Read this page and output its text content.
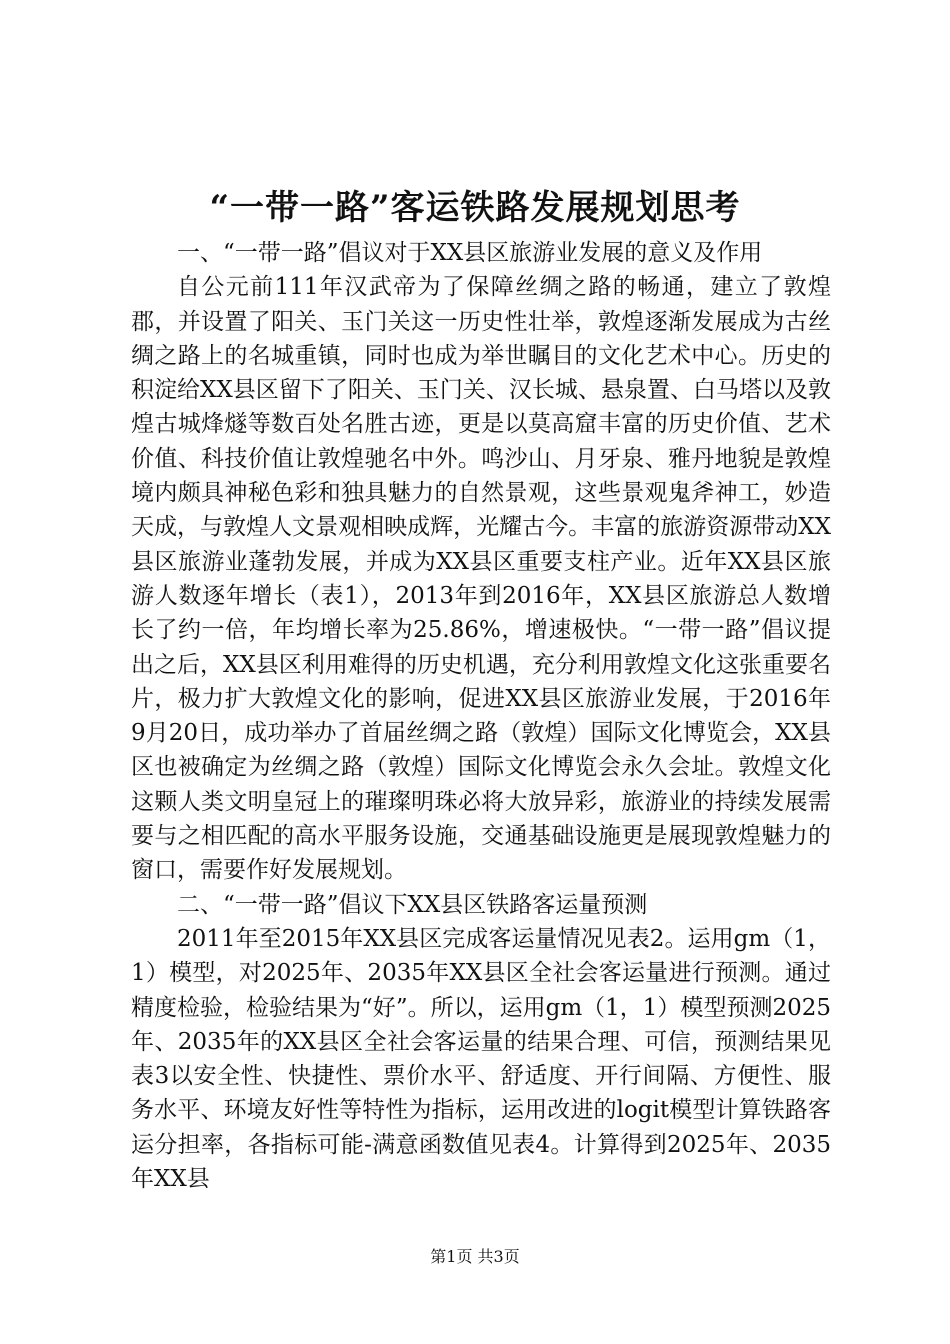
“一带一路”客运铁路发展规划思考

一、“一带一路”倡议对于XX县区旅游业发展的意义及作用

自公元前111年汉武帝为了保障丝绸之路的畅通，建立了敦煌郡，并设置了阳关、玉门关这一历史性壮举，敦煌逐渐发展成为古丝绸之路上的名城重镇，同时也成为举世瞩目的文化艺术中心。历史的积淀给XX县区留下了阳关、玉门关、汉长城、悬泉置、白马塔以及敦煌古城烽燧等数百处名胜古迹，更是以莫高窟丰富的历史价值、艺术价值、科技价值让敦煌驰名中外。鸣沙山、月牙泉、雅丹地貌是敦煌境内颇具神秘色彩和独具魅力的自然景观，这些景观鬼斧神工，妙造天成，与敦煌人文景观相映成辉，光耀古今。丰富的旅游资源带动XX县区旅游业蓬勃发展，并成为XX县区重要支柱产业。近年XX县区旅游人数逐年增长（表1），2013年到2016年，XX县区旅游总人数增长了约一倍，年均增长率为25.86%，增速极快。“一带一路”倡议提出之后，XX县区利用难得的历史机遇，充分利用敦煌文化这张重要名片，极力扩大敦煌文化的影响，促进XX县区旅游业发展，于2016年9月20日，成功举办了首届丝绸之路（敦煌）国际文化博览会，XX县区也被确定为丝绸之路（敦煌）国际文化博览会永久会址。敦煌文化这颗人类文明皇冠上的璀璨明珠必将大放异彩，旅游业的持续发展需要与之相匹配的高水平服务设施，交通基础设施更是展现敦煌魅力的窗口，需要作好发展规划。

二、“一带一路”倡议下XX县区铁路客运量预测

2011年至2015年XX县区完成客运量情况见表2。运用gm（1，1）模型，对2025年、2035年XX县区全社会客运量进行预测。通过精度检验，检验结果为“好”。所以，运用gm（1，1）模型预测2025年、2035年的XX县区全社会客运量的结果合理、可信，预测结果见表3以安全性、快捷性、票价水平、舒适度、开行间隔、方便性、服务水平、环境友好性等特性为指标，运用改进的logit模型计算铁路客运分担率，各指标可能-满意函数值见表4。计算得到2025年、2035年XX县

第1页 共3页
